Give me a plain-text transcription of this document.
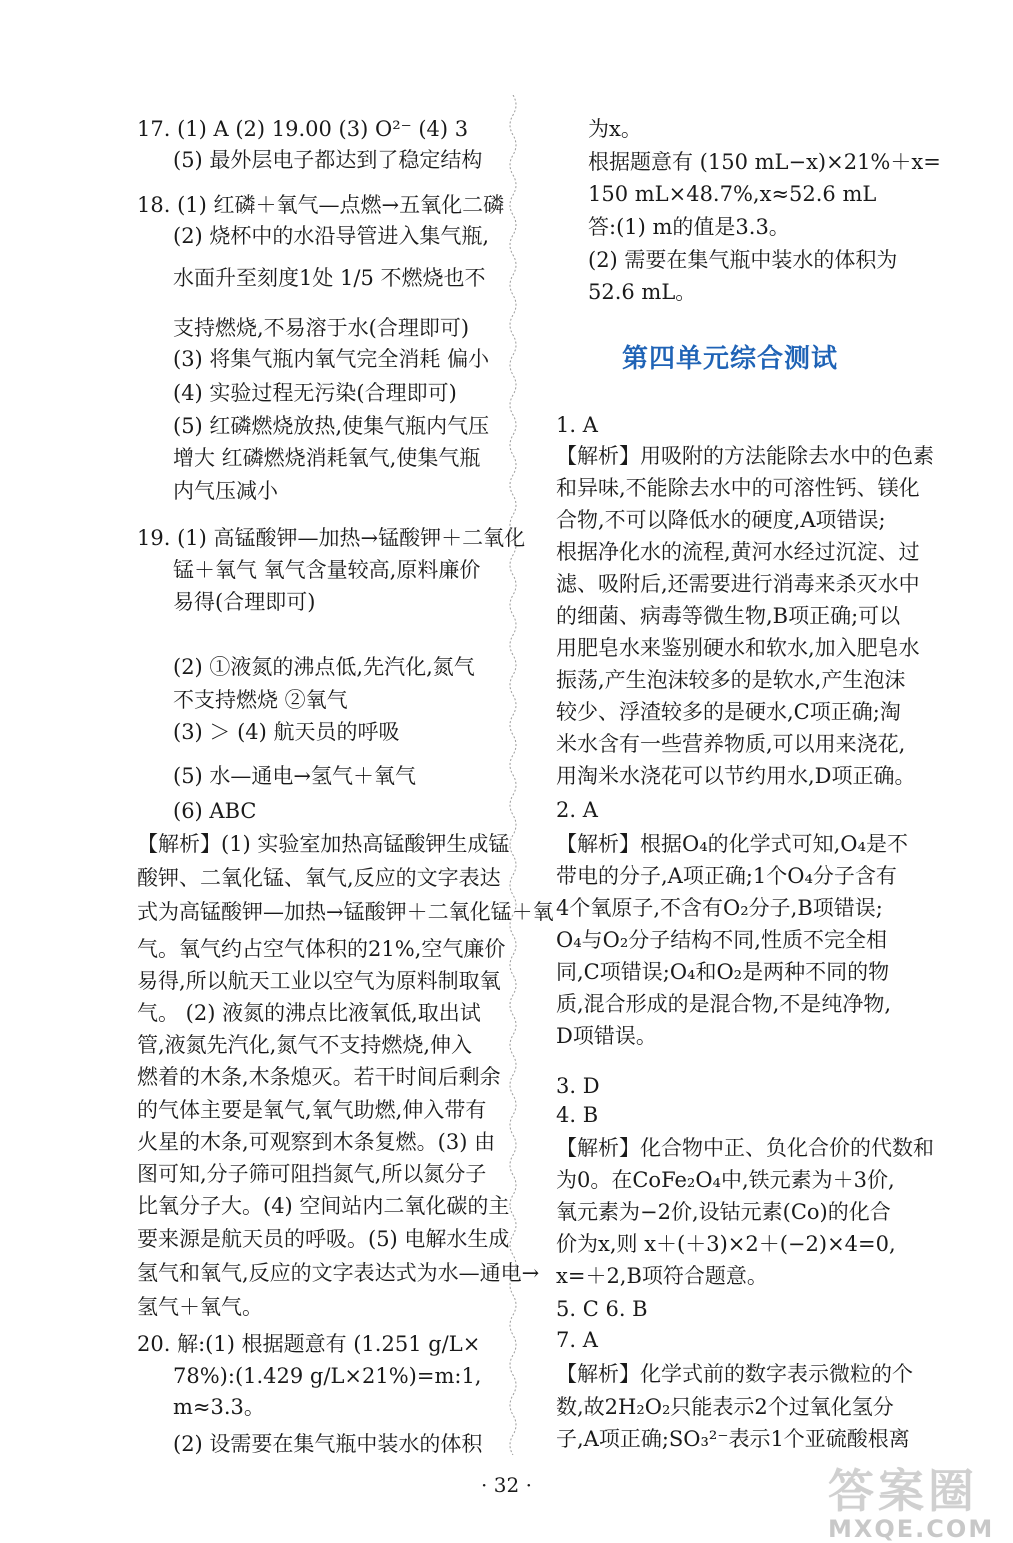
17. (1) A (2) 19.00 (3) O²⁻ (4) 3
(5) 最外层电子都达到了稳定结构
18. (1) 红磷＋氧气—点燃→五氧化二磷
(2) 烧杯中的水沿导管进入集气瓶,
水面升至刻度1处 1/5 不燃烧也不
支持燃烧,不易溶于水(合理即可)
(3) 将集气瓶内氧气完全消耗 偏小
(4) 实验过程无污染(合理即可)
(5) 红磷燃烧放热,使集气瓶内气压
增大 红磷燃烧消耗氧气,使集气瓶
内气压减小
19. (1) 高锰酸钾—加热→锰酸钾＋二氧化
锰＋氧气 氧气含量较高,原料廉价
易得(合理即可)
(2) ①液氮的沸点低,先汽化,氮气
不支持燃烧 ②氧气
(3) ＞ (4) 航天员的呼吸
(5) 水—通电→氢气＋氧气
(6) ABC
【解析】(1) 实验室加热高锰酸钾生成锰
酸钾、二氧化锰、氧气,反应的文字表达
式为高锰酸钾—加热→锰酸钾＋二氧化锰＋氧
气。氧气约占空气体积的21%,空气廉价
易得,所以航天工业以空气为原料制取氧
气。 (2) 液氮的沸点比液氧低,取出试
管,液氮先汽化,氮气不支持燃烧,伸入
燃着的木条,木条熄灭。若干时间后剩余
的气体主要是氧气,氧气助燃,伸入带有
火星的木条,可观察到木条复燃。(3) 由
图可知,分子筛可阻挡氮气,所以氮分子
比氧分子大。(4) 空间站内二氧化碳的主
要来源是航天员的呼吸。(5) 电解水生成
氢气和氧气,反应的文字表达式为水—通电→
氢气＋氧气。
20. 解:(1) 根据题意有 (1.251 g/L×
78%):(1.429 g/L×21%)=m:1,
m≈3.3。
(2) 设需要在集气瓶中装水的体积
为x。
根据题意有 (150 mL−x)×21%＋x=
150 mL×48.7%,x≈52.6 mL
答:(1) m的值是3.3。
(2) 需要在集气瓶中装水的体积为
52.6 mL。
1. A
【解析】用吸附的方法能除去水中的色素
和异味,不能除去水中的可溶性钙、镁化
合物,不可以降低水的硬度,A项错误;
根据净化水的流程,黄河水经过沉淀、过
滤、吸附后,还需要进行消毒来杀灭水中
的细菌、病毒等微生物,B项正确;可以
用肥皂水来鉴别硬水和软水,加入肥皂水
振荡,产生泡沫较多的是软水,产生泡沫
较少、浮渣较多的是硬水,C项正确;淘
米水含有一些营养物质,可以用来浇花,
用淘米水浇花可以节约用水,D项正确。
2. A
【解析】根据O₄的化学式可知,O₄是不
带电的分子,A项正确;1个O₄分子含有
4个氧原子,不含有O₂分子,B项错误;
O₄与O₂分子结构不同,性质不完全相
同,C项错误;O₄和O₂是两种不同的物
质,混合形成的是混合物,不是纯净物,
D项错误。
3. D
4. B
【解析】化合物中正、负化合价的代数和
为0。在CoFe₂O₄中,铁元素为＋3价,
氧元素为−2价,设钴元素(Co)的化合
价为x,则 x＋(＋3)×2＋(−2)×4=0,
x=＋2,B项符合题意。
5. C 6. B
7. A
【解析】化学式前的数字表示微粒的个
数,故2H₂O₂只能表示2个过氧化氢分
子,A项正确;SO₃²⁻表示1个亚硫酸根离
第四单元综合测试
· 32 ·	答案圈
MXQE.COM
